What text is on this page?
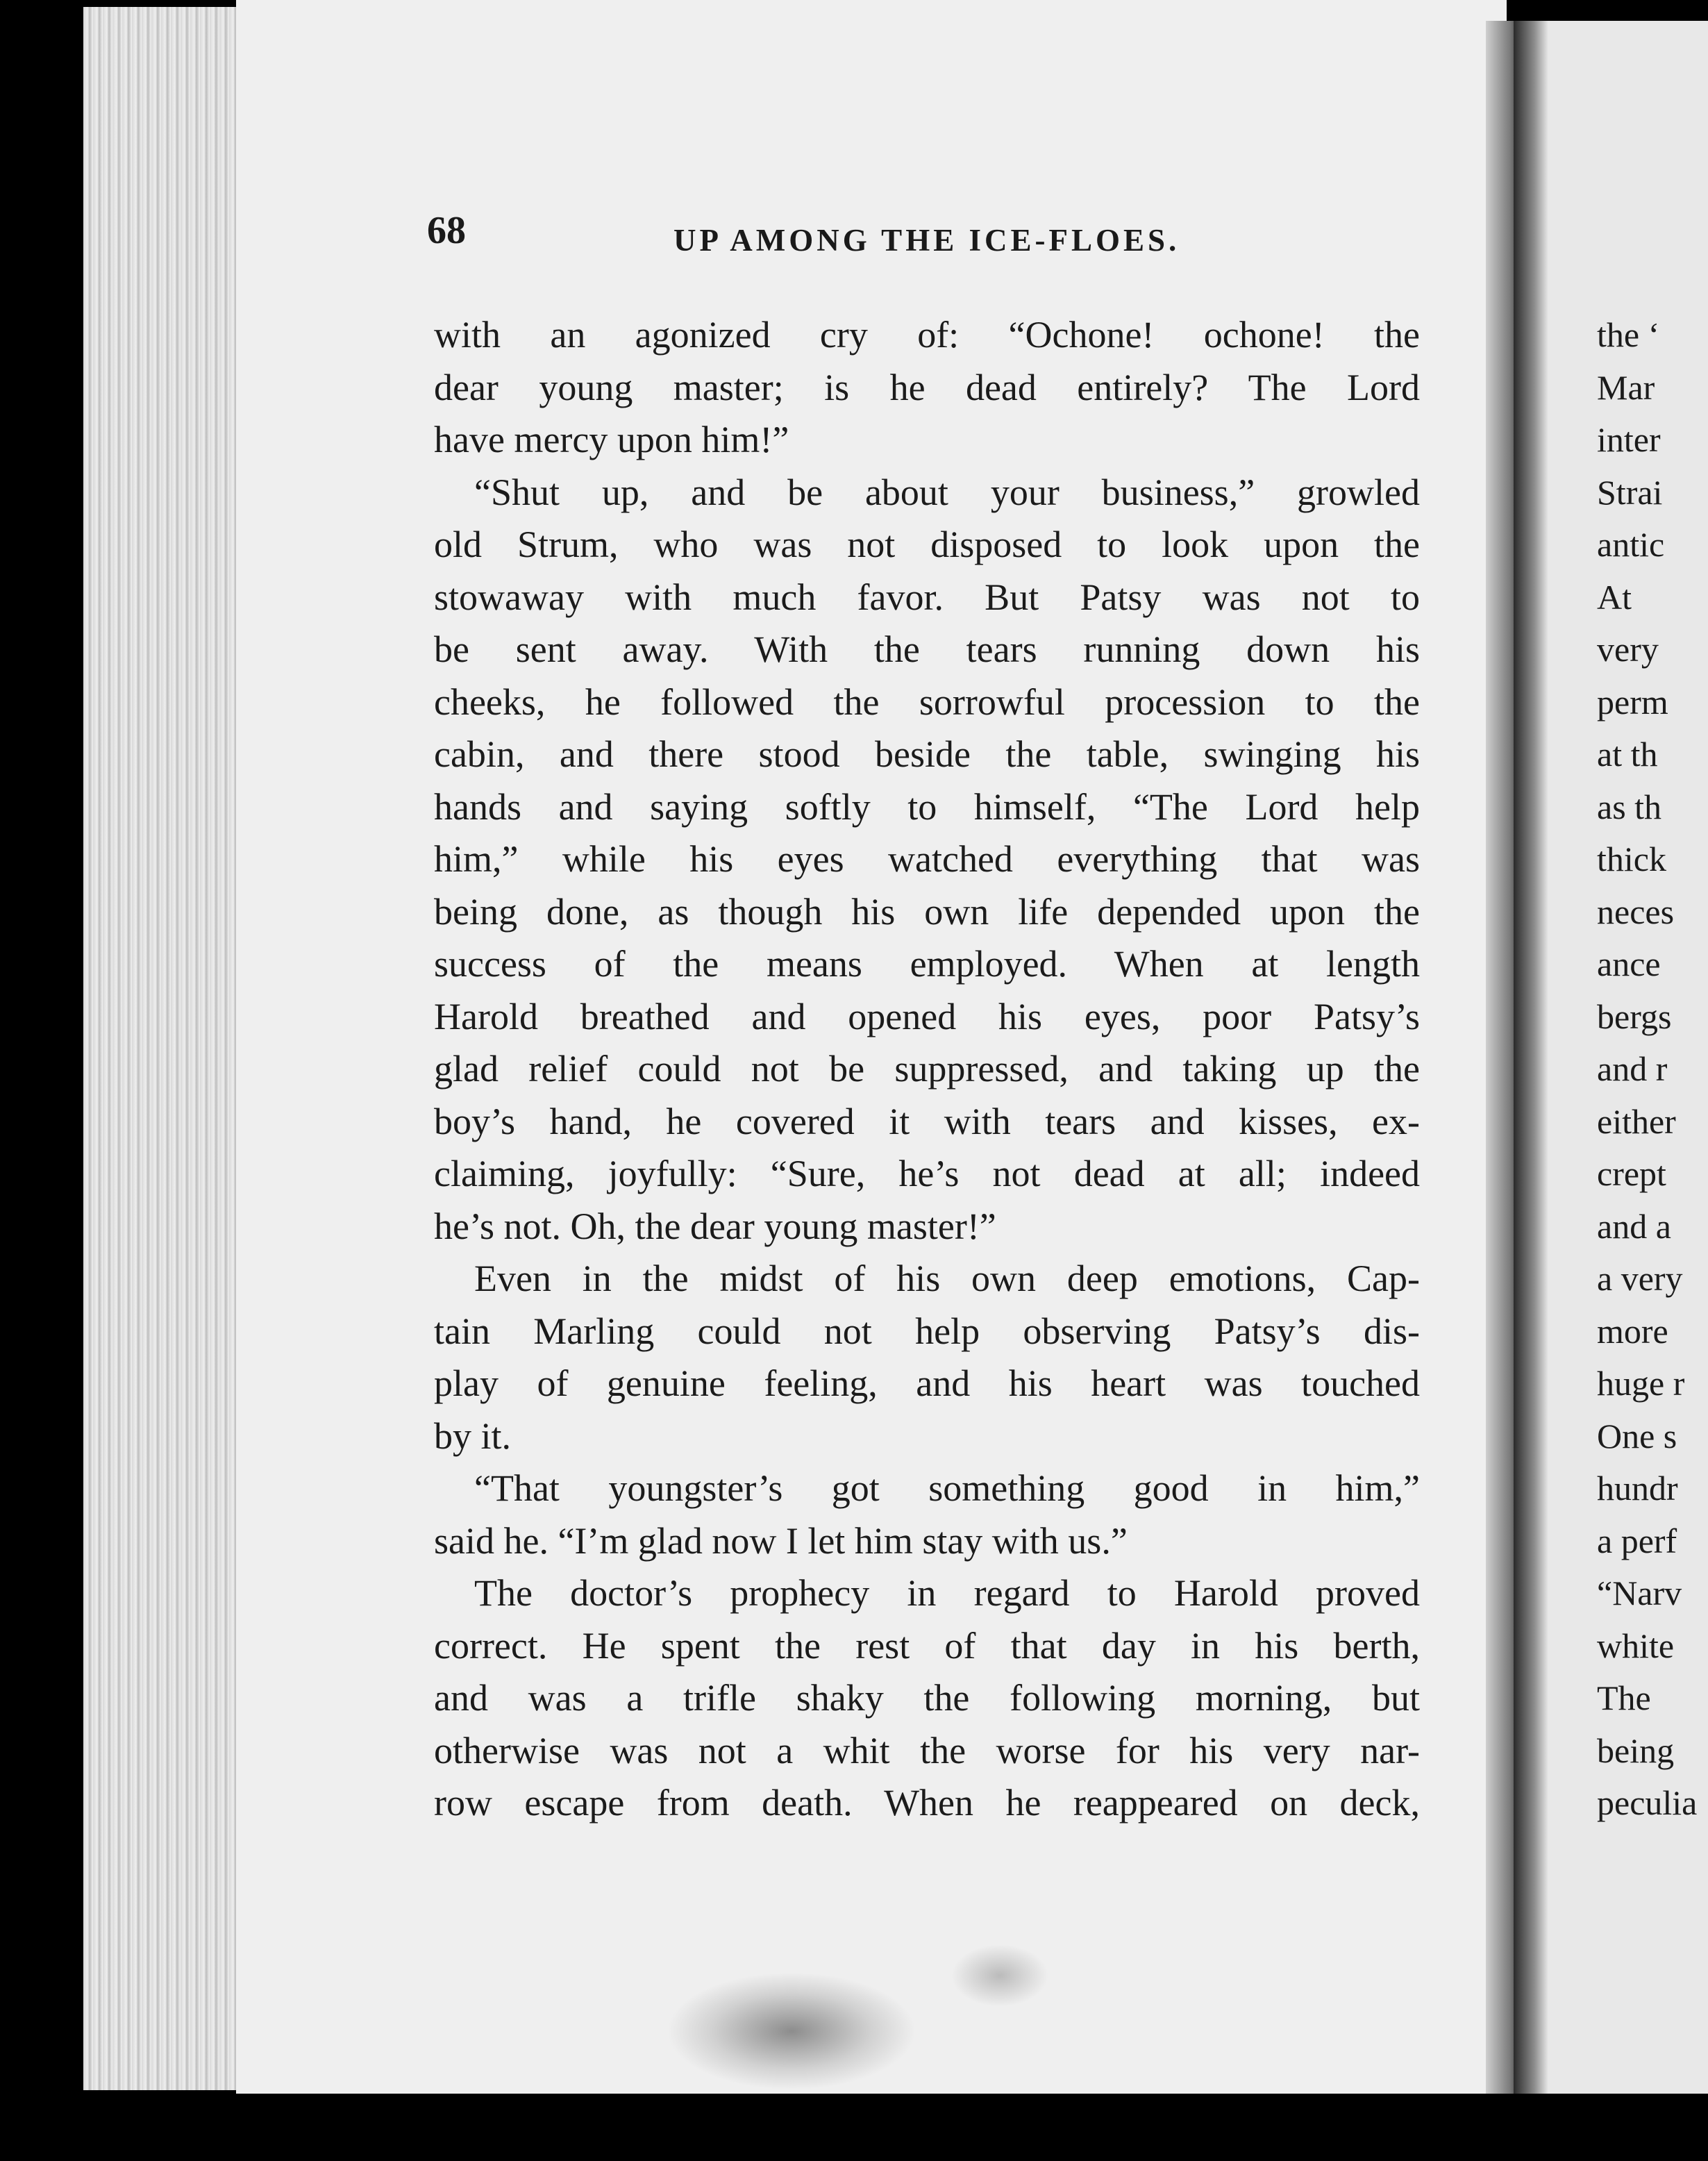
68	UP AMONG THE ICE-FLOES.
with an agonized cry of: “Ochone! ochone! the
dear young master; is he dead entirely? The Lord
have mercy upon him!”
“Shut up, and be about your business,” growled
old Strum, who was not disposed to look upon the
stowaway with much favor. But Patsy was not to
be sent away. With the tears running down his
cheeks, he followed the sorrowful procession to the
cabin, and there stood beside the table, swinging his
hands and saying softly to himself, “The Lord help
him,” while his eyes watched everything that was
being done, as though his own life depended upon the
success of the means employed. When at length
Harold breathed and opened his eyes, poor Patsy’s
glad relief could not be suppressed, and taking up the
boy’s hand, he covered it with tears and kisses, ex-
claiming, joyfully: “Sure, he’s not dead at all; indeed
he’s not. Oh, the dear young master!”
Even in the midst of his own deep emotions, Cap-
tain Marling could not help observing Patsy’s dis-
play of genuine feeling, and his heart was touched
by it.
“That youngster’s got something good in him,”
said he. “I’m glad now I let him stay with us.”
The doctor’s prophecy in regard to Harold proved
correct. He spent the rest of that day in his berth,
and was a trifle shaky the following morning, but
otherwise was not a whit the worse for his very nar-
row escape from death. When he reappeared on deck,
the ‘
Mar
inter
Strai
antic
At
very
perm
at th
as th
thick
neces
ance
bergs
and r
either
crept
and a
a very
more
huge r
One s
hundr
a perf
“Narv
white
The
being
peculia
